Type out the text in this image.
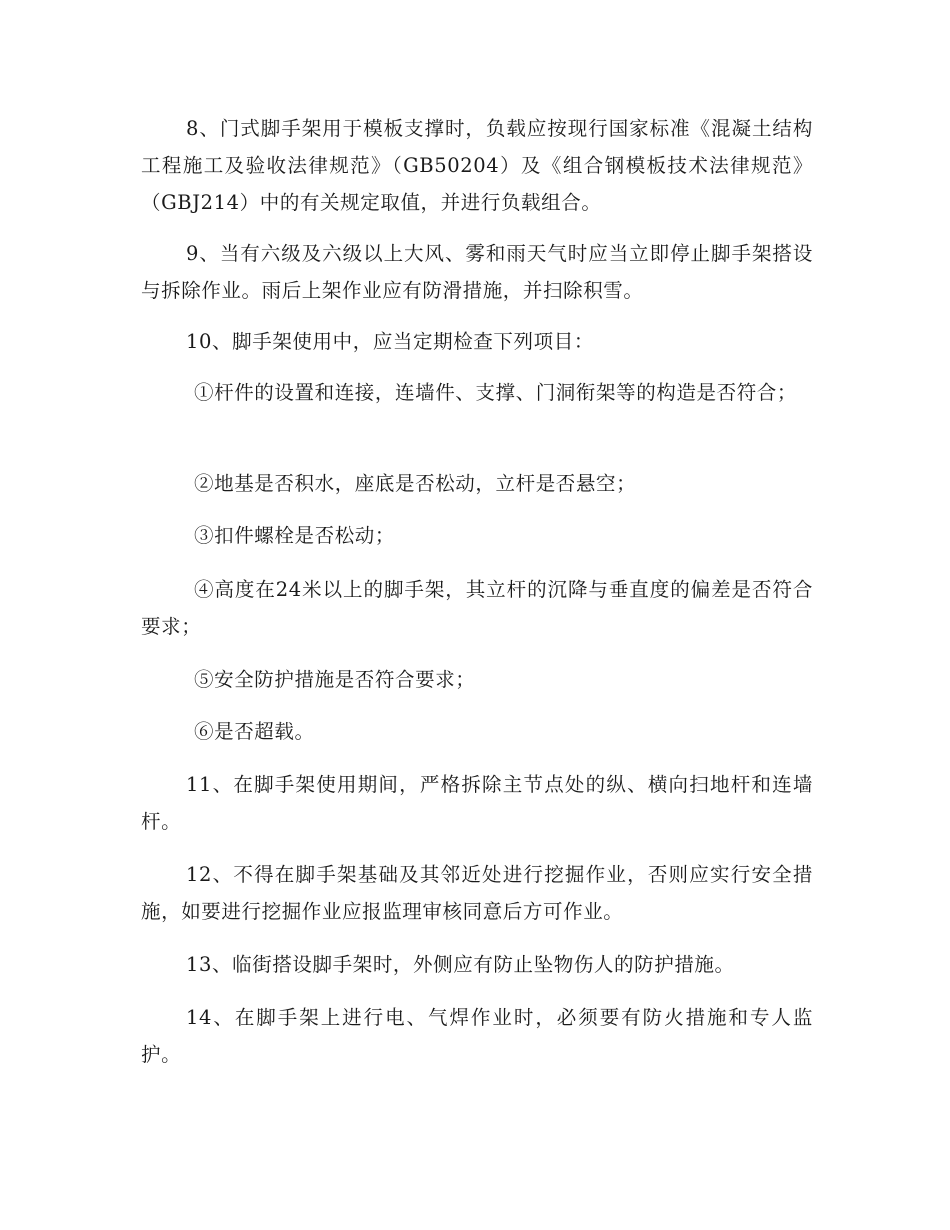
8、门式脚手架用于模板支撑时，负载应按现行国家标准《混凝土结构工程施工及验收法律规范》（GB50204）及《组合钢模板技术法律规范》（GBJ214）中的有关规定取值，并进行负载组合。

9、当有六级及六级以上大风、雾和雨天气时应当立即停止脚手架搭设与拆除作业。雨后上架作业应有防滑措施，并扫除积雪。

10、脚手架使用中，应当定期检查下列项目：

①杆件的设置和连接，连墙件、支撑、门洞衔架等的构造是否符合；

②地基是否积水，座底是否松动，立杆是否悬空；

③扣件螺栓是否松动；

④高度在24米以上的脚手架，其立杆的沉降与垂直度的偏差是否符合要求；

⑤安全防护措施是否符合要求；

⑥是否超载。

11、在脚手架使用期间，严格拆除主节点处的纵、横向扫地杆和连墙杆。

12、不得在脚手架基础及其邻近处进行挖掘作业，否则应实行安全措施，如要进行挖掘作业应报监理审核同意后方可作业。

13、临街搭设脚手架时，外侧应有防止坠物伤人的防护措施。

14、在脚手架上进行电、气焊作业时，必须要有防火措施和专人监护。
